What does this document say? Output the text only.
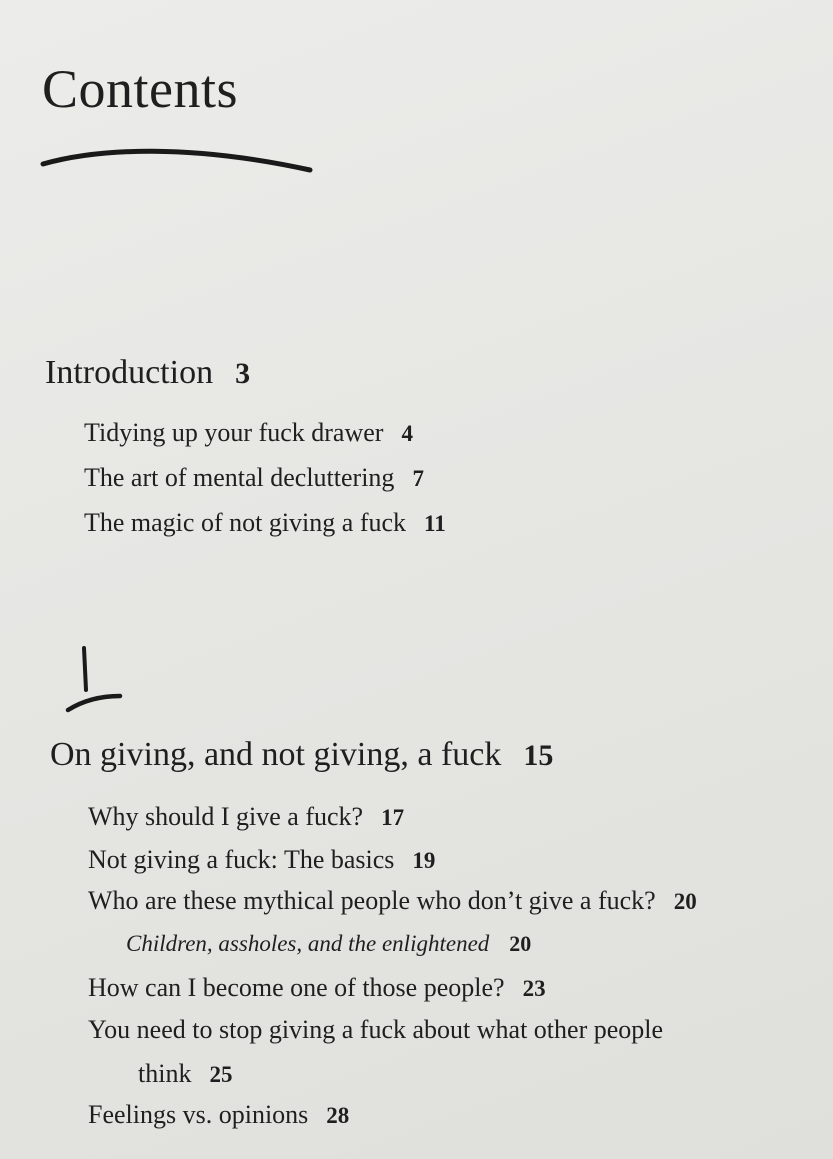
Contents
Introduction 3
Tidying up your fuck drawer 4
The art of mental decluttering 7
The magic of not giving a fuck 11
On giving, and not giving, a fuck 15
Why should I give a fuck? 17
Not giving a fuck: The basics 19
Who are these mythical people who don’t give a fuck? 20
Children, assholes, and the enlightened 20
How can I become one of those people? 23
You need to stop giving a fuck about what other people
think 25
Feelings vs. opinions 28
